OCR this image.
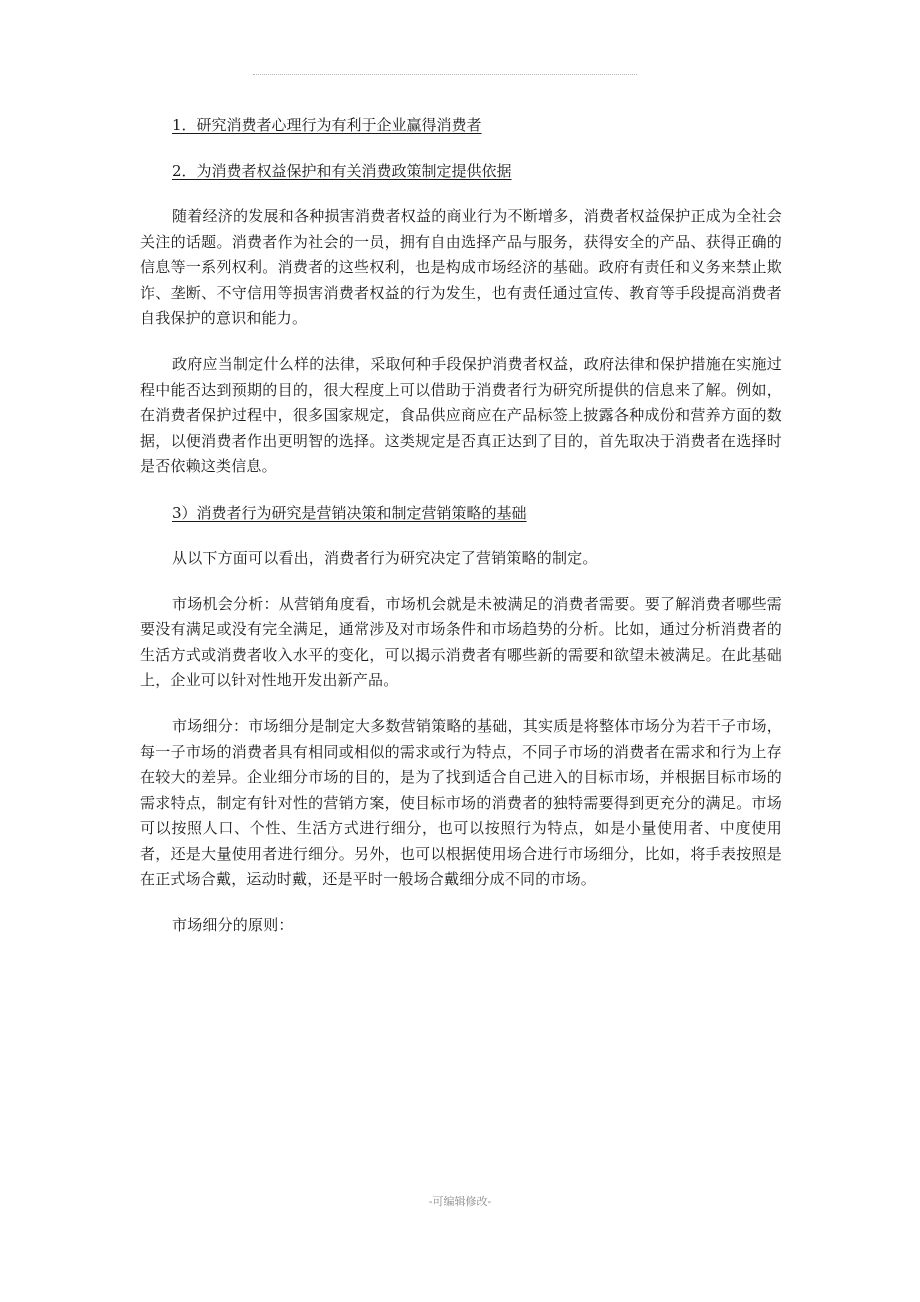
1．研究消费者心理行为有利于企业赢得消费者

2．为消费者权益保护和有关消费政策制定提供依据

随着经济的发展和各种损害消费者权益的商业行为不断增多，消费者权益保护正成为全社会关注的话题。消费者作为社会的一员，拥有自由选择产品与服务，获得安全的产品、获得正确的信息等一系列权利。消费者的这些权利，也是构成市场经济的基础。政府有责任和义务来禁止欺诈、垄断、不守信用等损害消费者权益的行为发生，也有责任通过宣传、教育等手段提高消费者自我保护的意识和能力。

政府应当制定什么样的法律，采取何种手段保护消费者权益，政府法律和保护措施在实施过程中能否达到预期的目的，很大程度上可以借助于消费者行为研究所提供的信息来了解。例如，在消费者保护过程中，很多国家规定，食品供应商应在产品标签上披露各种成份和营养方面的数据，以便消费者作出更明智的选择。这类规定是否真正达到了目的，首先取决于消费者在选择时是否依赖这类信息。

3）消费者行为研究是营销决策和制定营销策略的基础

从以下方面可以看出，消费者行为研究决定了营销策略的制定。

市场机会分析：从营销角度看，市场机会就是未被满足的消费者需要。要了解消费者哪些需要没有满足或没有完全满足，通常涉及对市场条件和市场趋势的分析。比如，通过分析消费者的生活方式或消费者收入水平的变化，可以揭示消费者有哪些新的需要和欲望未被满足。在此基础上，企业可以针对性地开发出新产品。

市场细分：市场细分是制定大多数营销策略的基础，其实质是将整体市场分为若干子市场，每一子市场的消费者具有相同或相似的需求或行为特点，不同子市场的消费者在需求和行为上存在较大的差异。企业细分市场的目的，是为了找到适合自己进入的目标市场，并根据目标市场的需求特点，制定有针对性的营销方案，使目标市场的消费者的独特需要得到更充分的满足。市场可以按照人口、个性、生活方式进行细分，也可以按照行为特点，如是小量使用者、中度使用者，还是大量使用者进行细分。另外，也可以根据使用场合进行市场细分，比如，将手表按照是在正式场合戴，运动时戴，还是平时一般场合戴细分成不同的市场。

市场细分的原则：

-可编辑修改-
